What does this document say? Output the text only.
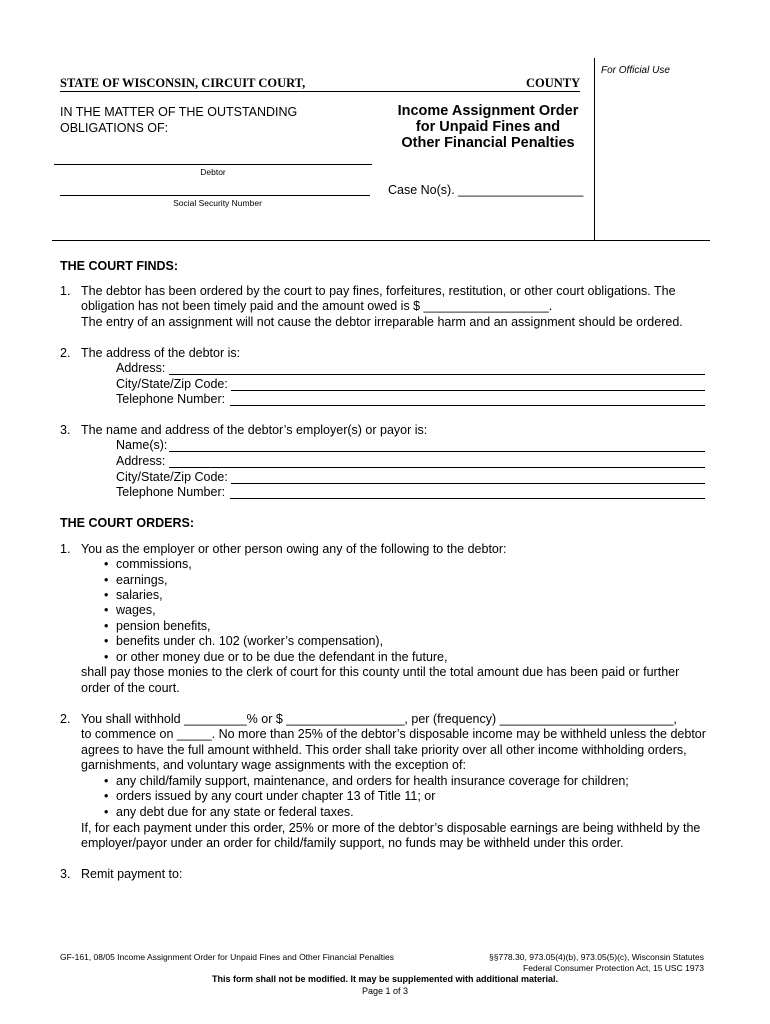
For Official Use
STATE OF WISCONSIN, CIRCUIT COURT,	COUNTY
IN THE MATTER OF THE OUTSTANDING
OBLIGATIONS OF:
Income Assignment Order
for Unpaid Fines and
Other Financial Penalties
Debtor
Social Security Number
Case No(s). __________________
THE COURT FINDS:
1. The debtor has been ordered by the court to pay fines, forfeitures, restitution, or other court obligations. The
obligation has not been timely paid and the amount owed is $ __________________.
The entry of an assignment will not cause the debtor irreparable harm and an assignment should be ordered.
2. The address of the debtor is:
Address:
City/State/Zip Code:
Telephone Number:
3. The name and address of the debtor’s employer(s) or payor is:
Name(s):
Address:
City/State/Zip Code:
Telephone Number:
THE COURT ORDERS:
1. You as the employer or other person owing any of the following to the debtor:
• commissions,
• earnings,
• salaries,
• wages,
• pension benefits,
• benefits under ch. 102 (worker’s compensation),
• or other money due or to be due the defendant in the future,
shall pay those monies to the clerk of court for this county until the total amount due has been paid or further
order of the court.
2. You shall withhold _________% or $ _________________, per (frequency) _________________________,
to commence on _____. No more than 25% of the debtor’s disposable income may be withheld unless the debtor
agrees to have the full amount withheld. This order shall take priority over all other income withholding orders,
garnishments, and voluntary wage assignments with the exception of:
• any child/family support, maintenance, and orders for health insurance coverage for children;
• orders issued by any court under chapter 13 of Title 11; or
• any debt due for any state or federal taxes.
If, for each payment under this order, 25% or more of the debtor’s disposable earnings are being withheld by the
employer/payor under an order for child/family support, no funds may be withheld under this order.
3. Remit payment to:
GF-161, 08/05 Income Assignment Order for Unpaid Fines and Other Financial Penalties	§§778.30, 973.05(4)(b), 973.05(5)(c), Wisconsin Statutes
Federal Consumer Protection Act, 15 USC 1973
This form shall not be modified. It may be supplemented with additional material.
Page 1 of 3
